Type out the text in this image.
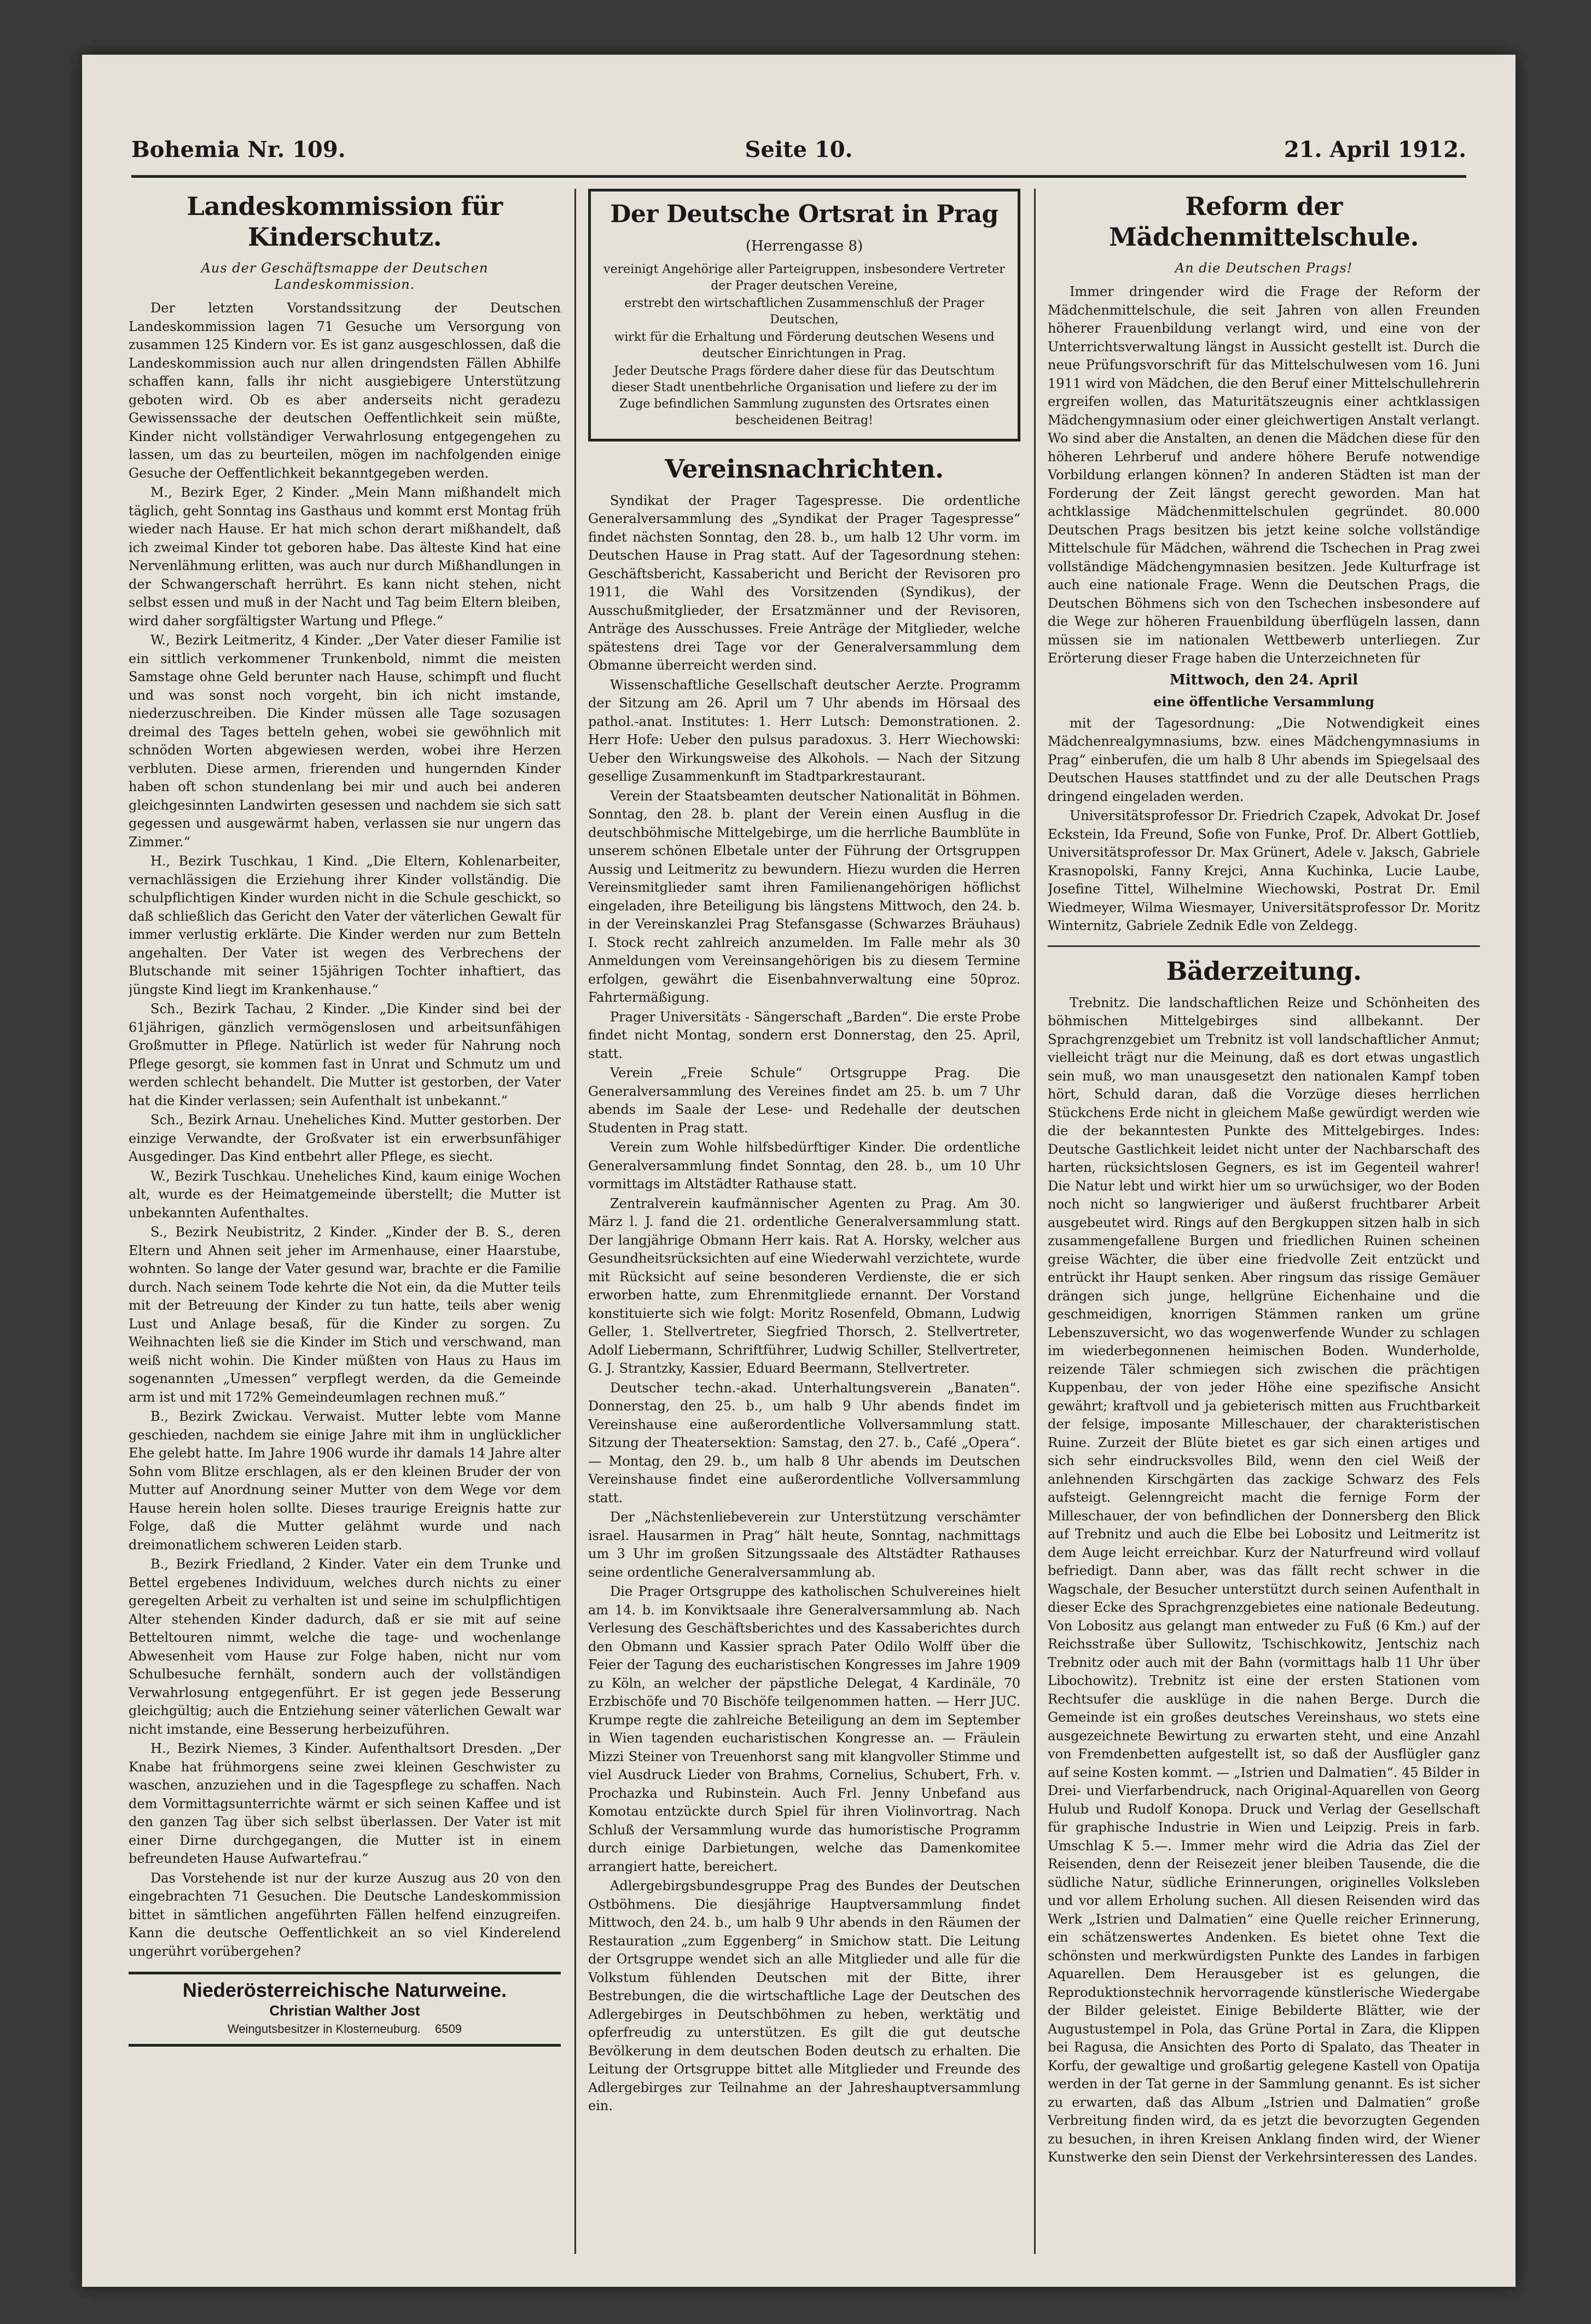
Bohemia Nr. 109.	Seite 10.	21. April 1912.
Landeskommission für Kinderschutz.
Aus der Geschäftsmappe der Deutschen Landeskommission.

Der letzten Vorstandssitzung der Deutschen Landeskommission lagen 71 Gesuche um Versorgung von zusammen 125 Kindern vor. Es ist ganz ausgeschlossen, daß die Landeskommission auch nur allen dringendsten Fällen Abhilfe schaffen kann, falls ihr nicht ausgiebigere Unterstützung geboten wird. Ob es aber anderseits nicht geradezu Gewissenssache der deutschen Oeffentlichkeit sein müßte, Kinder nicht vollständiger Verwahrlosung entgegengehen zu lassen, um das zu beurteilen, mögen im nachfolgenden einige Gesuche der Oeffentlichkeit bekanntgegeben werden.

M., Bezirk Eger, 2 Kinder. „Mein Mann mißhandelt mich täglich, geht Sonntag ins Gasthaus und kommt erst Montag früh wieder nach Hause. Er hat mich schon derart mißhandelt, daß ich zweimal Kinder tot geboren habe. Das älteste Kind hat eine Nervenlähmung erlitten, was auch nur durch Mißhandlungen in der Schwangerschaft herrührt. Es kann nicht stehen, nicht selbst essen und muß in der Nacht und Tag beim Eltern bleiben, wird daher sorgfältigster Wartung und Pflege.“

W., Bezirk Leitmeritz, 4 Kinder. „Der Vater dieser Familie ist ein sittlich verkommener Trunkenbold, nimmt die meisten Samstage ohne Geld berunter nach Hause, schimpft und flucht und was sonst noch vorgeht, bin ich nicht imstande, niederzuschreiben. Die Kinder müssen alle Tage sozusagen dreimal des Tages betteln gehen, wobei sie gewöhnlich mit schnöden Worten abgewiesen werden, wobei ihre Herzen verbluten. Diese armen, frierenden und hungernden Kinder haben oft schon stundenlang bei mir und auch bei anderen gleichgesinnten Landwirten gesessen und nachdem sie sich satt gegessen und ausgewärmt haben, verlassen sie nur ungern das Zimmer.“

H., Bezirk Tuschkau, 1 Kind. „Die Eltern, Kohlenarbeiter, vernachlässigen die Erziehung ihrer Kinder vollständig. Die schulpflichtigen Kinder wurden nicht in die Schule geschickt, so daß schließlich das Gericht den Vater der väterlichen Gewalt für immer verlustig erklärte. Die Kinder werden nur zum Betteln angehalten. Der Vater ist wegen des Verbrechens der Blutschande mit seiner 15jährigen Tochter inhaftiert, das jüngste Kind liegt im Krankenhause.“

Sch., Bezirk Tachau, 2 Kinder. „Die Kinder sind bei der 61jährigen, gänzlich vermögenslosen und arbeitsunfähigen Großmutter in Pflege. Natürlich ist weder für Nahrung noch Pflege gesorgt, sie kommen fast in Unrat und Schmutz um und werden schlecht behandelt. Die Mutter ist gestorben, der Vater hat die Kinder verlassen; sein Aufenthalt ist unbekannt.“

Sch., Bezirk Arnau. Uneheliches Kind. Mutter gestorben. Der einzige Verwandte, der Großvater ist ein erwerbsunfähiger Ausgedinger. Das Kind entbehrt aller Pflege, es siecht.

W., Bezirk Tuschkau. Uneheliches Kind, kaum einige Wochen alt, wurde es der Heimatgemeinde überstellt; die Mutter ist unbekannten Aufenthaltes.

S., Bezirk Neubistritz, 2 Kinder. „Kinder der B. S., deren Eltern und Ahnen seit jeher im Armenhause, einer Haarstube, wohnten. So lange der Vater gesund war, brachte er die Familie durch. Nach seinem Tode kehrte die Not ein, da die Mutter teils mit der Betreuung der Kinder zu tun hatte, teils aber wenig Lust und Anlage besaß, für die Kinder zu sorgen. Zu Weihnachten ließ sie die Kinder im Stich und verschwand, man weiß nicht wohin. Die Kinder müßten von Haus zu Haus im sogenannten „Umessen“ verpflegt werden, da die Gemeinde arm ist und mit 172% Gemeindeumlagen rechnen muß.“

B., Bezirk Zwickau. Verwaist. Mutter lebte vom Manne geschieden, nachdem sie einige Jahre mit ihm in unglücklicher Ehe gelebt hatte. Im Jahre 1906 wurde ihr damals 14 Jahre alter Sohn vom Blitze erschlagen, als er den kleinen Bruder der von Mutter auf Anordnung seiner Mutter von dem Wege vor dem Hause herein holen sollte. Dieses traurige Ereignis hatte zur Folge, daß die Mutter gelähmt wurde und nach dreimonatlichem schweren Leiden starb.

B., Bezirk Friedland, 2 Kinder. Vater ein dem Trunke und Bettel ergebenes Individuum, welches durch nichts zu einer geregelten Arbeit zu verhalten ist und seine im schulpflichtigen Alter stehenden Kinder dadurch, daß er sie mit auf seine Betteltouren nimmt, welche die tage- und wochenlange Abwesenheit vom Hause zur Folge haben, nicht nur vom Schulbesuche fernhält, sondern auch der vollständigen Verwahrlosung entgegenführt. Er ist gegen jede Besserung gleichgültig; auch die Entziehung seiner väterlichen Gewalt war nicht imstande, eine Besserung herbeizuführen.

H., Bezirk Niemes, 3 Kinder. Aufenthaltsort Dresden. „Der Knabe hat frühmorgens seine zwei kleinen Geschwister zu waschen, anzuziehen und in die Tagespflege zu schaffen. Nach dem Vormittagsunterrichte wärmt er sich seinen Kaffee und ist den ganzen Tag über sich selbst überlassen. Der Vater ist mit einer Dirne durchgegangen, die Mutter ist in einem befreundeten Hause Aufwartefrau.“

Das Vorstehende ist nur der kurze Auszug aus 20 von den eingebrachten 71 Gesuchen. Die Deutsche Landeskommission bittet in sämtlichen angeführten Fällen helfend einzugreifen. Kann die deutsche Oeffentlichkeit an so viel Kinderelend ungerührt vorübergehen?

Niederösterreichische Naturweine.
Christian Walther Jost
Weingutsbesitzer in Klosterneuburg. 6509
Der Deutsche Ortsrat in Prag
(Herrengasse 8)

vereinigt Angehörige aller Parteigruppen, insbesondere Vertreter der Prager deutschen Vereine,

erstrebt den wirtschaftlichen Zusammenschluß der Prager Deutschen,

wirkt für die Erhaltung und Förderung deutschen Wesens und deutscher Einrichtungen in Prag.

Jeder Deutsche Prags fördere daher diese für das Deutschtum dieser Stadt unentbehrliche Organisation und liefere zu der im Zuge befindlichen Sammlung zugunsten des Ortsrates einen bescheidenen Beitrag!

Vereinsnachrichten.

Syndikat der Prager Tagespresse. Die ordentliche Generalversammlung des „Syndikat der Prager Tagespresse“ findet nächsten Sonntag, den 28. b., um halb 12 Uhr vorm. im Deutschen Hause in Prag statt. Auf der Tagesordnung stehen: Geschäftsbericht, Kassabericht und Bericht der Revisoren pro 1911, die Wahl des Vorsitzenden (Syndikus), der Ausschußmitglieder, der Ersatzmänner und der Revisoren, Anträge des Ausschusses. Freie Anträge der Mitglieder, welche spätestens drei Tage vor der Generalversammlung dem Obmanne überreicht werden sind.

Wissenschaftliche Gesellschaft deutscher Aerzte. Programm der Sitzung am 26. April um 7 Uhr abends im Hörsaal des pathol.-anat. Institutes: 1. Herr Lutsch: Demonstrationen. 2. Herr Hofe: Ueber den pulsus paradoxus. 3. Herr Wiechowski: Ueber den Wirkungsweise des Alkohols. — Nach der Sitzung gesellige Zusammenkunft im Stadtparkrestaurant.

Verein der Staatsbeamten deutscher Nationalität in Böhmen. Sonntag, den 28. b. plant der Verein einen Ausflug in die deutschböhmische Mittelgebirge, um die herrliche Baumblüte in unserem schönen Elbetale unter der Führung der Ortsgruppen Aussig und Leitmeritz zu bewundern. Hiezu wurden die Herren Vereinsmitglieder samt ihren Familienangehörigen höflichst eingeladen, ihre Beteiligung bis längstens Mittwoch, den 24. b. in der Vereinskanzlei Prag Stefansgasse (Schwarzes Bräuhaus) I. Stock recht zahlreich anzumelden. Im Falle mehr als 30 Anmeldungen vom Vereinsangehörigen bis zu diesem Termine erfolgen, gewährt die Eisenbahnverwaltung eine 50proz. Fahrtermäßigung.

Prager Universitäts - Sängerschaft „Barden“. Die erste Probe findet nicht Montag, sondern erst Donnerstag, den 25. April, statt.

Verein „Freie Schule“ Ortsgruppe Prag. Die Generalversammlung des Vereines findet am 25. b. um 7 Uhr abends im Saale der Lese- und Redehalle der deutschen Studenten in Prag statt.

Verein zum Wohle hilfsbedürftiger Kinder. Die ordentliche Generalversammlung findet Sonntag, den 28. b., um 10 Uhr vormittags im Altstädter Rathause statt.

Zentralverein kaufmännischer Agenten zu Prag. Am 30. März l. J. fand die 21. ordentliche Generalversammlung statt. Der langjährige Obmann Herr kais. Rat A. Horsky, welcher aus Gesundheitsrücksichten auf eine Wiederwahl verzichtete, wurde mit Rücksicht auf seine besonderen Verdienste, die er sich erworben hatte, zum Ehrenmitgliede ernannt. Der Vorstand konstituierte sich wie folgt: Moritz Rosenfeld, Obmann, Ludwig Geller, 1. Stellvertreter, Siegfried Thorsch, 2. Stellvertreter, Adolf Liebermann, Schriftführer, Ludwig Schiller, Stellvertreter, G. J. Strantzky, Kassier, Eduard Beermann, Stellvertreter.

Deutscher techn.-akad. Unterhaltungsverein „Banaten“. Donnerstag, den 25. b., um halb 9 Uhr abends findet im Vereinshause eine außerordentliche Vollversammlung statt. Sitzung der Theatersektion: Samstag, den 27. b., Café „Opera“. — Montag, den 29. b., um halb 8 Uhr abends im Deutschen Vereinshause findet eine außerordentliche Vollversammlung statt.

Der „Nächstenliebeverein zur Unterstützung verschämter israel. Hausarmen in Prag“ hält heute, Sonntag, nachmittags um 3 Uhr im großen Sitzungssaale des Altstädter Rathauses seine ordentliche Generalversammlung ab.

Die Prager Ortsgruppe des katholischen Schulvereines hielt am 14. b. im Konviktsaale ihre Generalversammlung ab. Nach Verlesung des Geschäftsberichtes und des Kassaberichtes durch den Obmann und Kassier sprach Pater Odilo Wolff über die Feier der Tagung des eucharistischen Kongresses im Jahre 1909 zu Köln, an welcher der päpstliche Delegat, 4 Kardinäle, 70 Erzbischöfe und 70 Bischöfe teilgenommen hatten. — Herr JUC. Krumpe regte die zahlreiche Beteiligung an dem im September in Wien tagenden eucharistischen Kongresse an. — Fräulein Mizzi Steiner von Treuenhorst sang mit klangvoller Stimme und viel Ausdruck Lieder von Brahms, Cornelius, Schubert, Frh. v. Prochazka und Rubinstein. Auch Frl. Jenny Unbefand aus Komotau entzückte durch Spiel für ihren Violinvortrag. Nach Schluß der Versammlung wurde das humoristische Programm durch einige Darbietungen, welche das Damenkomitee arrangiert hatte, bereichert.

Adlergebirgsbundesgruppe Prag des Bundes der Deutschen Ostböhmens. Die diesjährige Hauptversammlung findet Mittwoch, den 24. b., um halb 9 Uhr abends in den Räumen der Restauration „zum Eggenberg“ in Smichow statt. Die Leitung der Ortsgruppe wendet sich an alle Mitglieder und alle für die Volkstum fühlenden Deutschen mit der Bitte, ihrer Bestrebungen, die die wirtschaftliche Lage der Deutschen des Adlergebirges in Deutschböhmen zu heben, werktätig und opferfreudig zu unterstützen. Es gilt die gut deutsche Bevölkerung in dem deutschen Boden deutsch zu erhalten. Die Leitung der Ortsgruppe bittet alle Mitglieder und Freunde des Adlergebirges zur Teilnahme an der Jahreshauptversammlung ein.

Reform der Mädchenmittelschule.
An die Deutschen Prags!

Immer dringender wird die Frage der Reform der Mädchenmittelschule, die seit Jahren von allen Freunden höherer Frauenbildung verlangt wird, und eine von der Unterrichtsverwaltung längst in Aussicht gestellt ist. Durch die neue Prüfungsvorschrift für das Mittelschulwesen vom 16. Juni 1911 wird von Mädchen, die den Beruf einer Mittelschullehrerin ergreifen wollen, das Maturitätszeugnis einer achtklassigen Mädchengymnasium oder einer gleichwertigen Anstalt verlangt. Wo sind aber die Anstalten, an denen die Mädchen diese für den höheren Lehrberuf und andere höhere Berufe notwendige Vorbildung erlangen können? In anderen Städten ist man der Forderung der Zeit längst gerecht geworden. Man hat achtklassige Mädchenmittelschulen gegründet. 80.000 Deutschen Prags besitzen bis jetzt keine solche vollständige Mittelschule für Mädchen, während die Tschechen in Prag zwei vollständige Mädchengymnasien besitzen. Jede Kulturfrage ist auch eine nationale Frage. Wenn die Deutschen Prags, die Deutschen Böhmens sich von den Tschechen insbesondere auf die Wege zur höheren Frauenbildung überflügeln lassen, dann müssen sie im nationalen Wettbewerb unterliegen. Zur Erörterung dieser Frage haben die Unterzeichneten für

Mittwoch, den 24. April

eine öffentliche Versammlung

mit der Tagesordnung: „Die Notwendigkeit eines Mädchenrealgymnasiums, bzw. eines Mädchengymnasiums in Prag“ einberufen, die um halb 8 Uhr abends im Spiegelsaal des Deutschen Hauses stattfindet und zu der alle Deutschen Prags dringend eingeladen werden.

Universitätsprofessor Dr. Friedrich Czapek, Advokat Dr. Josef Eckstein, Ida Freund, Sofie von Funke, Prof. Dr. Albert Gottlieb, Universitätsprofessor Dr. Max Grünert, Adele v. Jaksch, Gabriele Krasnopolski, Fanny Krejci, Anna Kuchinka, Lucie Laube, Josefine Tittel, Wilhelmine Wiechowski, Postrat Dr. Emil Wiedmeyer, Wilma Wiesmayer, Universitätsprofessor Dr. Moritz Winternitz, Gabriele Zednik Edle von Zeldegg.

Bäderzeitung.

Trebnitz. Die landschaftlichen Reize und Schönheiten des böhmischen Mittelgebirges sind allbekannt. Der Sprachgrenzgebiet um Trebnitz ist voll landschaftlicher Anmut; vielleicht trägt nur die Meinung, daß es dort etwas ungastlich sein muß, wo man unausgesetzt den nationalen Kampf toben hört, Schuld daran, daß die Vorzüge dieses herrlichen Stückchens Erde nicht in gleichem Maße gewürdigt werden wie die der bekanntesten Punkte des Mittelgebirges. Indes: Deutsche Gastlichkeit leidet nicht unter der Nachbarschaft des harten, rücksichtslosen Gegners, es ist im Gegenteil wahrer! Die Natur lebt und wirkt hier um so urwüchsiger, wo der Boden noch nicht so langwieriger und äußerst fruchtbarer Arbeit ausgebeutet wird. Rings auf den Bergkuppen sitzen halb in sich zusammengefallene Burgen und friedlichen Ruinen scheinen greise Wächter, die über eine friedvolle Zeit entzückt und entrückt ihr Haupt senken. Aber ringsum das rissige Gemäuer drängen sich junge, hellgrüne Eichenhaine und die geschmeidigen, knorrigen Stämmen ranken um grüne Lebenszuversicht, wo das wogenwerfende Wunder zu schlagen im wiederbegonnenen heimischen Boden. Wunderholde, reizende Täler schmiegen sich zwischen die prächtigen Kuppenbau, der von jeder Höhe eine spezifische Ansicht gewährt; kraftvoll und ja gebieterisch mitten aus Fruchtbarkeit der felsige, imposante Milleschauer, der charakteristischen Ruine. Zurzeit der Blüte bietet es gar sich einen artiges und sich sehr eindrucksvolles Bild, wenn den ciel Weiß der anlehnenden Kirschgärten das zackige Schwarz des Fels aufsteigt. Gelenngreicht macht die fernige Form der Milleschauer, der von befindlichen der Donnersberg den Blick auf Trebnitz und auch die Elbe bei Lobositz und Leitmeritz ist dem Auge leicht erreichbar. Kurz der Naturfreund wird vollauf befriedigt. Dann aber, was das fällt recht schwer in die Wagschale, der Besucher unterstützt durch seinen Aufenthalt in dieser Ecke des Sprachgrenzgebietes eine nationale Bedeutung. Von Lobositz aus gelangt man entweder zu Fuß (6 Km.) auf der Reichsstraße über Sullowitz, Tschischkowitz, Jentschiz nach Trebnitz oder auch mit der Bahn (vormittags halb 11 Uhr über Libochowitz). Trebnitz ist eine der ersten Stationen vom Rechtsufer die ausklüge in die nahen Berge. Durch die Gemeinde ist ein großes deutsches Vereinshaus, wo stets eine ausgezeichnete Bewirtung zu erwarten steht, und eine Anzahl von Fremdenbetten aufgestellt ist, so daß der Ausflügler ganz auf seine Kosten kommt. — „Istrien und Dalmatien“. 45 Bilder in Drei- und Vierfarbendruck, nach Original-Aquarellen von Georg Hulub und Rudolf Konopa. Druck und Verlag der Gesellschaft für graphische Industrie in Wien und Leipzig. Preis in farb. Umschlag K 5.—. Immer mehr wird die Adria das Ziel der Reisenden, denn der Reisezeit jener bleiben Tausende, die die südliche Natur, südliche Erinnerungen, originelles Volksleben und vor allem Erholung suchen. All diesen Reisenden wird das Werk „Istrien und Dalmatien“ eine Quelle reicher Erinnerung, ein schätzenswertes Andenken. Es bietet ohne Text die schönsten und merkwürdigsten Punkte des Landes in farbigen Aquarellen. Dem Herausgeber ist es gelungen, die Reproduktionstechnik hervorragende künstlerische Wiedergabe der Bilder geleistet. Einige Bebilderte Blätter, wie der Augustustempel in Pola, das Grüne Portal in Zara, die Klippen bei Ragusa, die Ansichten des Porto di Spalato, das Theater in Korfu, der gewaltige und großartig gelegene Kastell von Opatija werden in der Tat gerne in der Sammlung genannt. Es ist sicher zu erwarten, daß das Album „Istrien und Dalmatien“ große Verbreitung finden wird, da es jetzt die bevorzugten Gegenden zu besuchen, in ihren Kreisen Anklang finden wird, der Wiener Kunstwerke den sein Dienst der Verkehrsinteressen des Landes.
